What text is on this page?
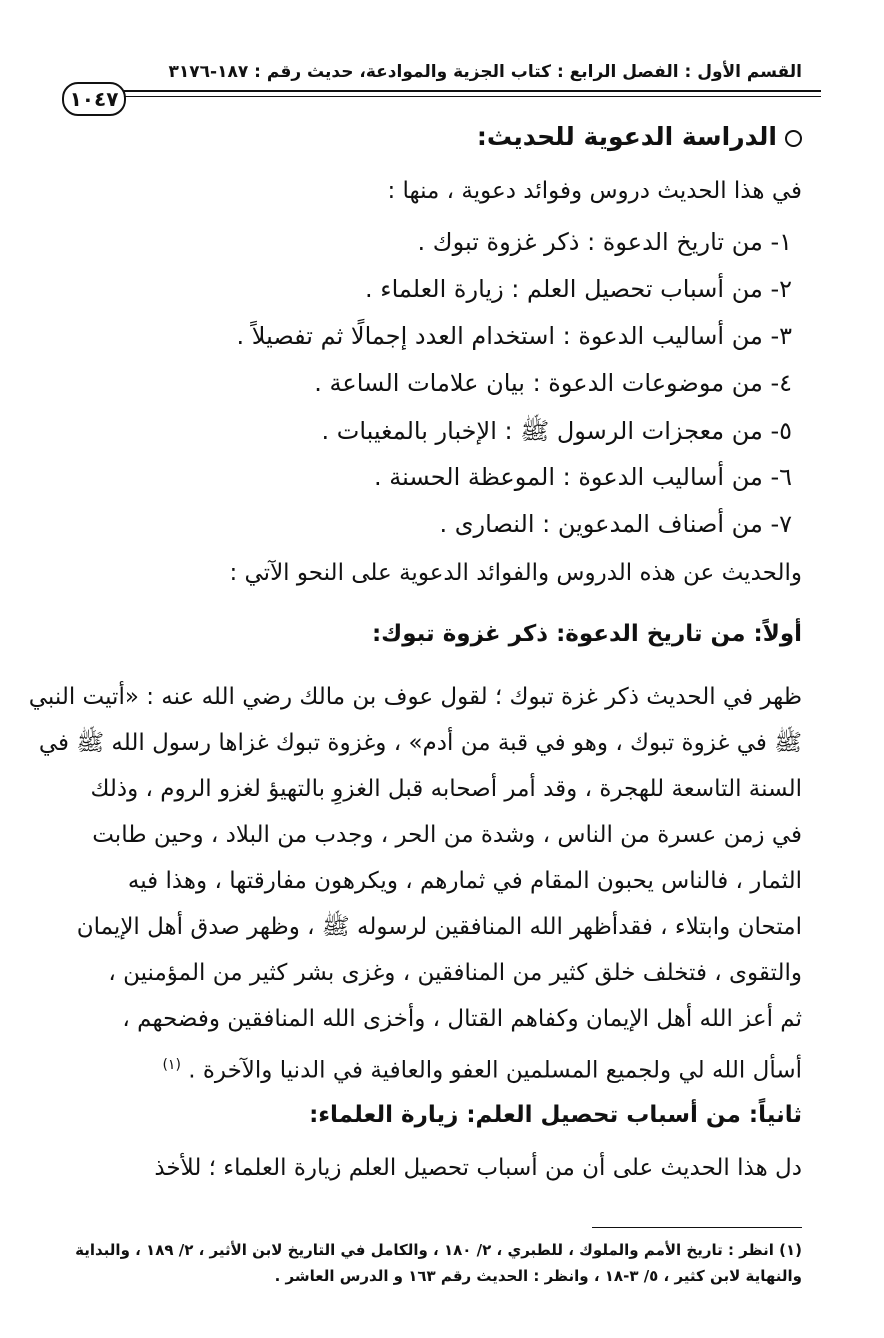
القسم الأول : الفصل الرابع : كتاب الجزية والموادعة، حديث رقم : ١٨٧-٣١٧٦
١٠٤٧
الدراسة الدعوية للحديث:
في هذا الحديث دروس وفوائد دعوية ، منها :
١- من تاريخ الدعوة : ذكر غزوة تبوك .
٢- من أسباب تحصيل العلم : زيارة العلماء .
٣- من أساليب الدعوة : استخدام العدد إجمالًا ثم تفصيلاً .
٤- من موضوعات الدعوة : بيان علامات الساعة .
٥- من معجزات الرسول ﷺ : الإخبار بالمغيبات .
٦- من أساليب الدعوة : الموعظة الحسنة .
٧- من أصناف المدعوين : النصارى .
والحديث عن هذه الدروس والفوائد الدعوية على النحو الآتي :
أولاً: من تاريخ الدعوة: ذكر غزوة تبوك:
ظهر في الحديث ذكر غزة تبوك ؛ لقول عوف بن مالك رضي الله عنه : «أتيت النبي
ﷺ في غزوة تبوك ، وهو في قبة من أدم» ، وغزوة تبوك غزاها رسول الله ﷺ في
السنة التاسعة للهجرة ، وقد أمر أصحابه قبل الغزوِ بالتهيؤ لغزو الروم ، وذلك
في زمن عسرة من الناس ، وشدة من الحر ، وجدب من البلاد ، وحين طابت
الثمار ، فالناس يحبون المقام في ثمارهم ، ويكرهون مفارقتها ، وهذا فيه
امتحان وابتلاء ، فقدأظهر الله المنافقين لرسوله ﷺ ، وظهر صدق أهل الإيمان
والتقوى ، فتخلف خلق كثير من المنافقين ، وغزى بشر كثير من المؤمنين ،
ثم أعز الله أهل الإيمان وكفاهم القتال ، وأخزى الله المنافقين وفضحهم ،
أسأل الله لي ولجميع المسلمين العفو والعافية في الدنيا والآخرة . $^{(١)}$
ثانياً: من أسباب تحصيل العلم: زيارة العلماء:
دل هذا الحديث على أن من أسباب تحصيل العلم زيارة العلماء ؛ للأخذ
(١) انظر : تاريخ الأمم والملوك ، للطبري ، ٢/ ١٨٠ ، والكامل في التاريخ لابن الأثير ، ٢/ ١٨٩ ، والبداية
والنهاية لابن كثير ، ٥/ ٣-١٨ ، وانظر : الحديث رقم ١٦٣ و الدرس العاشر .
